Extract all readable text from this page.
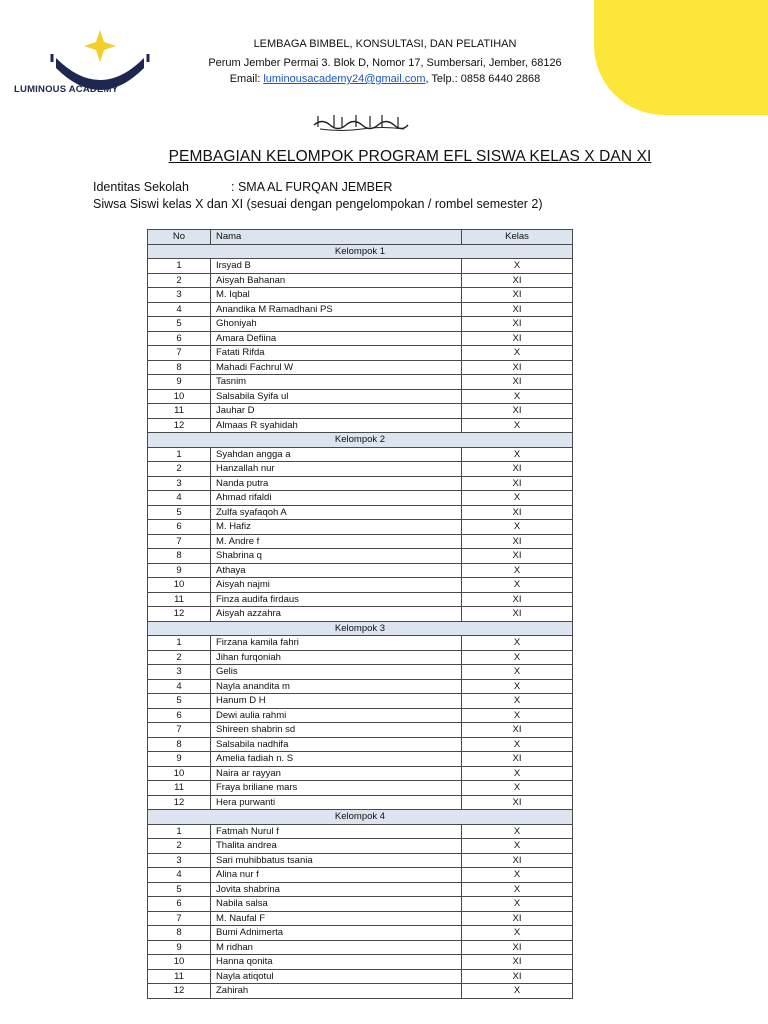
LUMINOUS ACADEMY
LEMBAGA BIMBEL, KONSULTASI, DAN PELATIHAN
Perum Jember Permai 3. Blok D, Nomor 17, Sumbersari, Jember, 68126
Email: luminousacademy24@gmail.com, Telp.: 0858 6440 2868
PEMBAGIAN KELOMPOK PROGRAM EFL SISWA KELAS X DAN XI
Identitas Sekolah	: SMA AL FURQAN JEMBER
Siwsa Siswi kelas X dan XI (sesuai dengan pengelompokan / rombel semester 2)
No	Nama	Kelas
Kelompok 1		
1	Irsyad B	X
2	Aisyah Bahanan	XI
3	M. Iqbal	XI
4	Anandika M Ramadhani PS	XI
5	Ghoniyah	XI
6	Amara Defiina	XI
7	Fatati Rifda	X
8	Mahadi Fachrul W	XI
9	Tasnim	XI
10	Salsabila Syifa ul	X
11	Jauhar D	XI
12	Almaas R syahidah	X
Kelompok 2		
1	Syahdan angga a	X
2	Hanzallah nur	XI
3	Nanda putra	XI
4	Ahmad rifaldi	X
5	Zulfa syafaqoh A	XI
6	M. Hafiz	X
7	M. Andre f	XI
8	Shabrina q	XI
9	Athaya	X
10	Aisyah najmi	X
11	Finza audifa firdaus	XI
12	Aisyah azzahra	XI
Kelompok 3		
1	Firzana kamila fahri	X
2	Jihan furqoniah	X
3	Gelis	X
4	Nayla anandita m	X
5	Hanum D H	X
6	Dewi aulia rahmi	X
7	Shireen shabrin sd	XI
8	Salsabila nadhifa	X
9	Amelia fadiah n. S	XI
10	Naira ar rayyan	X
11	Fraya briliane mars	X
12	Hera purwanti	XI
Kelompok 4		
1	Fatmah Nurul f	X
2	Thalita andrea	X
3	Sari muhibbatus tsania	XI
4	Alina nur f	X
5	Jovita shabrina	X
6	Nabila salsa	X
7	M. Naufal F	XI
8	Bumi Adnimerta	X
9	M ridhan	XI
10	Hanna qonita	XI
11	Nayla atiqotul	XI
12	Zahirah	X
